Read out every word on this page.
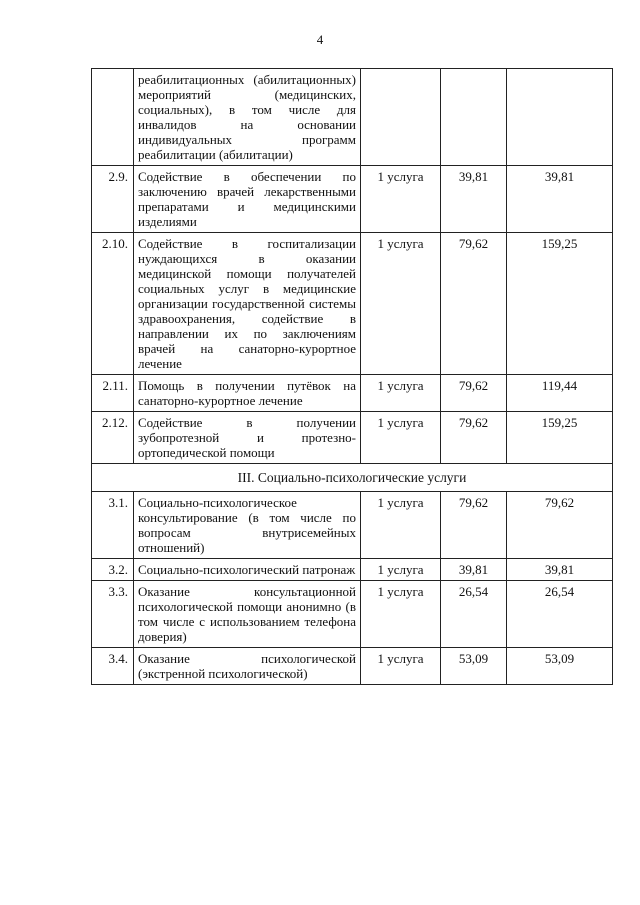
4
	реабилитационных (абилитационных) мероприятий (медицинских, социальных), в том числе для инвалидов на основании индивидуальных программ реабилитации (абилитации)			
2.9.	Содействие в обеспечении по заключению врачей лекарственными препаратами и медицинскими изделиями	1 услуга	39,81	39,81
2.10.	Содействие в госпитализации нуждающихся в оказании медицинской помощи получателей социальных услуг в медицинские организации государственной системы здравоохранения, содействие в направлении их по заключениям врачей на санаторно-курортное лечение	1 услуга	79,62	159,25
2.11.	Помощь в получении путёвок на санаторно-курортное лечение	1 услуга	79,62	119,44
2.12.	Содействие в получении зубопротезной и протезно-ортопедической помощи	1 услуга	79,62	159,25
III. Социально-психологические услуги				
3.1.	Социально-психологическое консультирование (в том числе по вопросам внутрисемейных отношений)	1 услуга	79,62	79,62
3.2.	Социально-психологический патронаж	1 услуга	39,81	39,81
3.3.	Оказание консультационной психологической помощи анонимно (в том числе с использованием телефона доверия)	1 услуга	26,54	26,54
3.4.	Оказание психологической (экстренной психологической)	1 услуга	53,09	53,09
